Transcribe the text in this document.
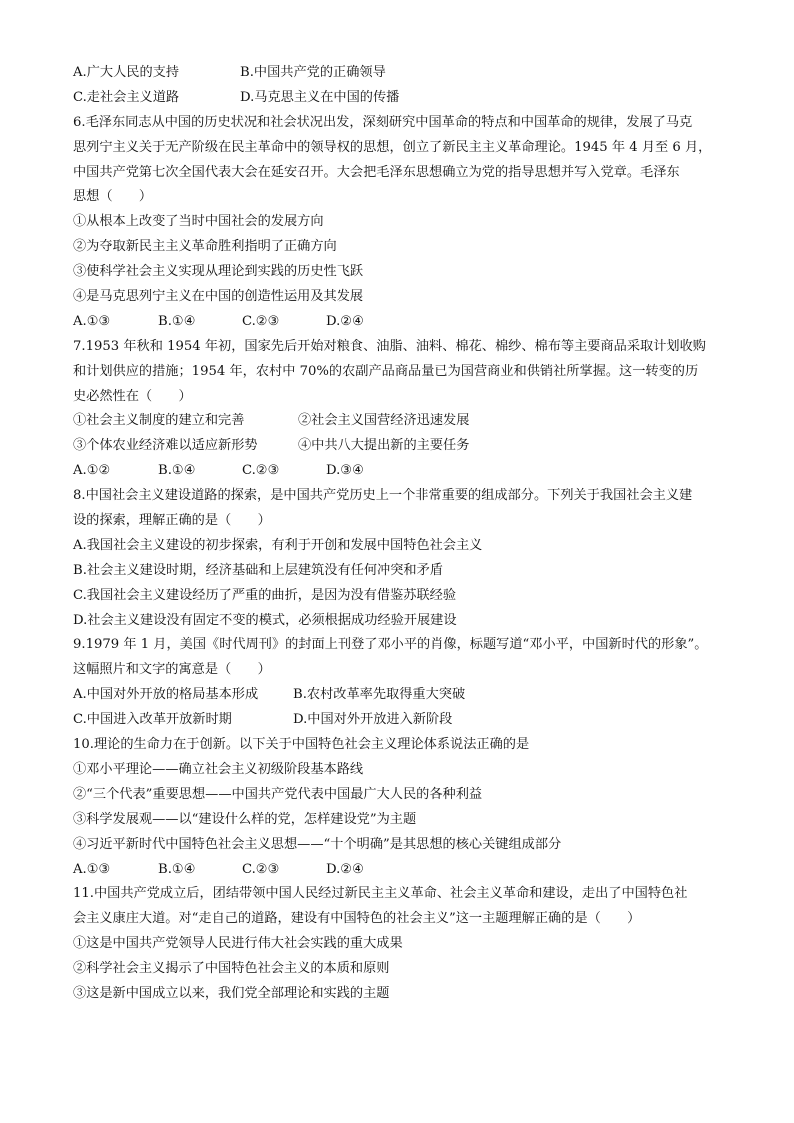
A.广大人民的支持	B.中国共产党的正确领导
C.走社会主义道路	D.马克思主义在中国的传播
6.毛泽东同志从中国的历史状况和社会状况出发，深刻研究中国革命的特点和中国革命的规律，发展了马克
思列宁主义关于无产阶级在民主革命中的领导权的思想，创立了新民主主义革命理论。1945 年 4 月至 6 月，
中国共产党第七次全国代表大会在延安召开。大会把毛泽东思想确立为党的指导思想并写入党章。毛泽东
思想（　　）
①从根本上改变了当时中国社会的发展方向
②为夺取新民主主义革命胜利指明了正确方向
③使科学社会主义实现从理论到实践的历史性飞跃
④是马克思列宁主义在中国的创造性运用及其发展
A.①③	B.①④	C.②③	D.②④
7.1953 年秋和 1954 年初，国家先后开始对粮食、油脂、油料、棉花、棉纱、棉布等主要商品采取计划收购
和计划供应的措施；1954 年，农村中 70%的农副产品商品量已为国营商业和供销社所掌握。这一转变的历
史必然性在（　　）
①社会主义制度的建立和完善	②社会主义国营经济迅速发展
③个体农业经济难以适应新形势	④中共八大提出新的主要任务
A.①②	B.①④	C.②③	D.③④
8.中国社会主义建设道路的探索，是中国共产党历史上一个非常重要的组成部分。下列关于我国社会主义建
设的探索，理解正确的是（　　）
A.我国社会主义建设的初步探索，有利于开创和发展中国特色社会主义
B.社会主义建设时期，经济基础和上层建筑没有任何冲突和矛盾
C.我国社会主义建设经历了严重的曲折，是因为没有借鉴苏联经验
D.社会主义建设没有固定不变的模式，必须根据成功经验开展建设
9.1979 年 1 月，美国《时代周刊》的封面上刊登了邓小平的肖像，标题写道“邓小平，中国新时代的形象”。
这幅照片和文字的寓意是（　　）
A.中国对外开放的格局基本形成	B.农村改革率先取得重大突破
C.中国进入改革开放新时期	D.中国对外开放进入新阶段
10.理论的生命力在于创新。以下关于中国特色社会主义理论体系说法正确的是
①邓小平理论——确立社会主义初级阶段基本路线
②“三个代表”重要思想——中国共产党代表中国最广大人民的各种利益
③科学发展观——以“建设什么样的党，怎样建设党”为主题
④习近平新时代中国特色社会主义思想——“十个明确”是其思想的核心关键组成部分
A.①③	B.①④	C.②③	D.②④
11.中国共产党成立后，团结带领中国人民经过新民主主义革命、社会主义革命和建设，走出了中国特色社
会主义康庄大道。对“走自己的道路，建设有中国特色的社会主义”这一主题理解正确的是（　　）
①这是中国共产党领导人民进行伟大社会实践的重大成果
②科学社会主义揭示了中国特色社会主义的本质和原则
③这是新中国成立以来，我们党全部理论和实践的主题
